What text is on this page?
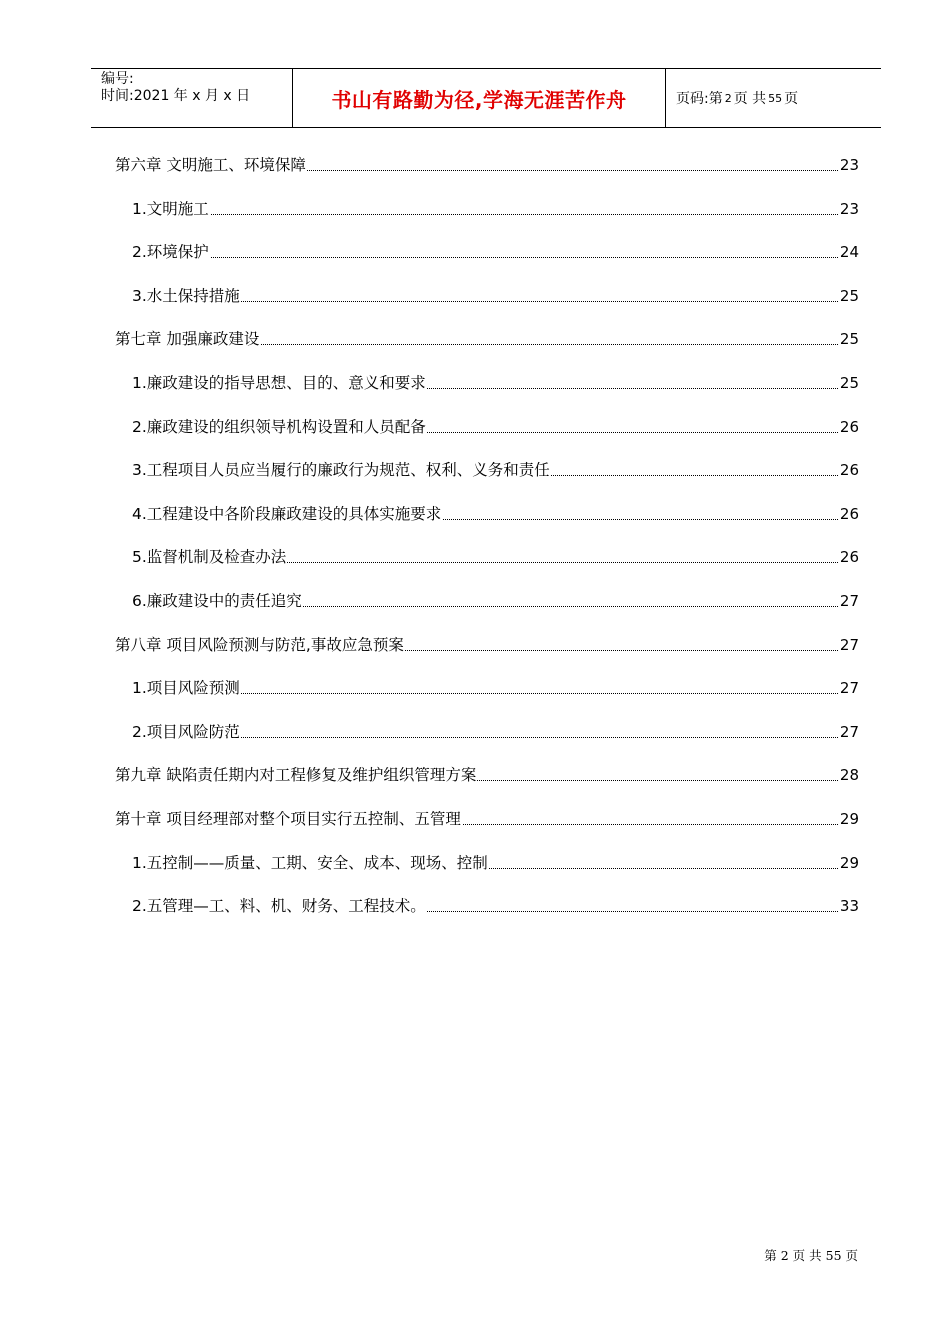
编号:
时间:2021 年 x 月 x 日	书山有路勤为径,学海无涯苦作舟	页码:第 2 页 共 55 页
第六章 文明施工、环境保障	23
1.文明施工	23
2.环境保护	24
3.水土保持措施	25
第七章 加强廉政建设	25
1.廉政建设的指导思想、目的、意义和要求	25
2.廉政建设的组织领导机构设置和人员配备	26
3.工程项目人员应当履行的廉政行为规范、权利、义务和责任	26
4.工程建设中各阶段廉政建设的具体实施要求	26
5.监督机制及检查办法	26
6.廉政建设中的责任追究	27
第八章 项目风险预测与防范,事故应急预案	27
1.项目风险预测	27
2.项目风险防范	27
第九章 缺陷责任期内对工程修复及维护组织管理方案	28
第十章 项目经理部对整个项目实行五控制、五管理	29
1.五控制——质量、工期、安全、成本、现场、控制	29
2.五管理—工、料、机、财务、工程技术。	33
第 2 页 共 55 页
